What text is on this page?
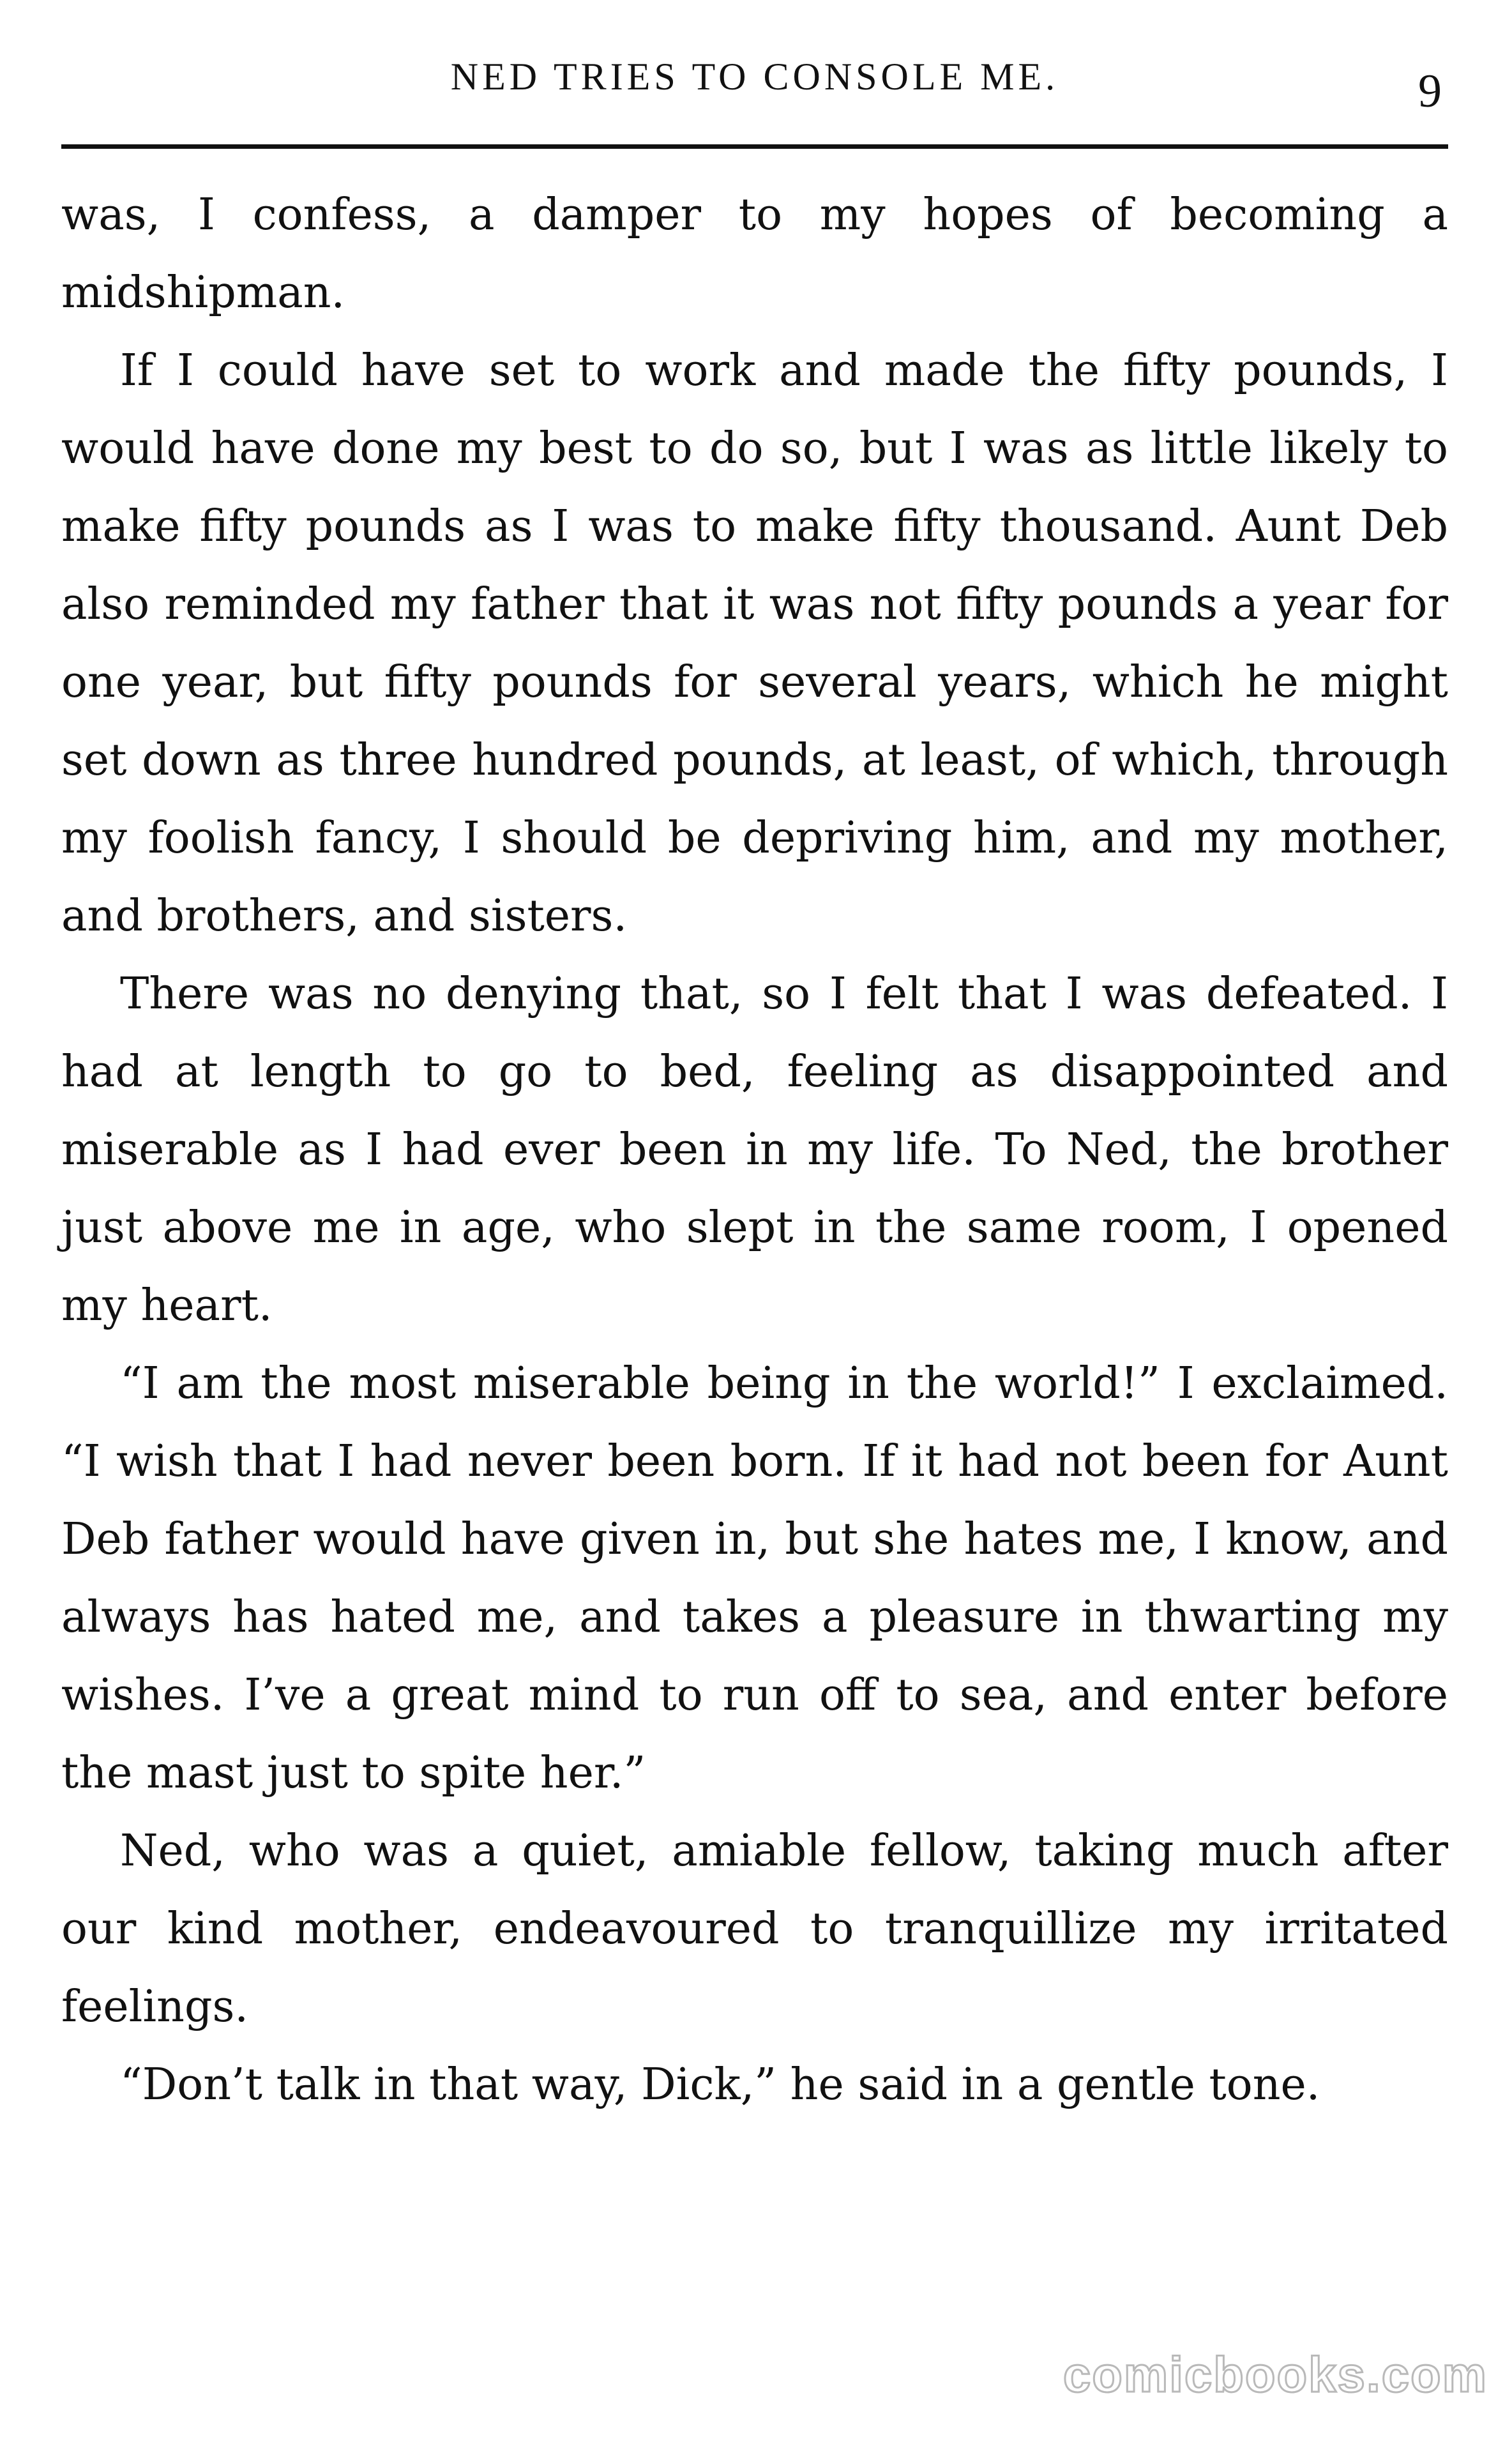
NED TRIES TO CONSOLE ME.	9

was, I confess, a damper to my hopes of becoming a midshipman.

If I could have set to work and made the fifty pounds, I would have done my best to do so, but I was as little likely to make fifty pounds as I was to make fifty thousand. Aunt Deb also reminded my father that it was not fifty pounds a year for one year, but fifty pounds for several years, which he might set down as three hundred pounds, at least, of which, through my foolish fancy, I should be depriving him, and my mother, and brothers, and sisters.

There was no denying that, so I felt that I was defeated. I had at length to go to bed, feeling as disappointed and miserable as I had ever been in my life. To Ned, the brother just above me in age, who slept in the same room, I opened my heart.

“I am the most miserable being in the world!” I exclaimed. “I wish that I had never been born. If it had not been for Aunt Deb father would have given in, but she hates me, I know, and always has hated me, and takes a pleasure in thwarting my wishes. I’ve a great mind to run off to sea, and enter before the mast just to spite her.”

Ned, who was a quiet, amiable fellow, taking much after our kind mother, endeavoured to tranquillize my irritated feelings.

“Don’t talk in that way, Dick,” he said in a gentle tone.

comicbooks.com
